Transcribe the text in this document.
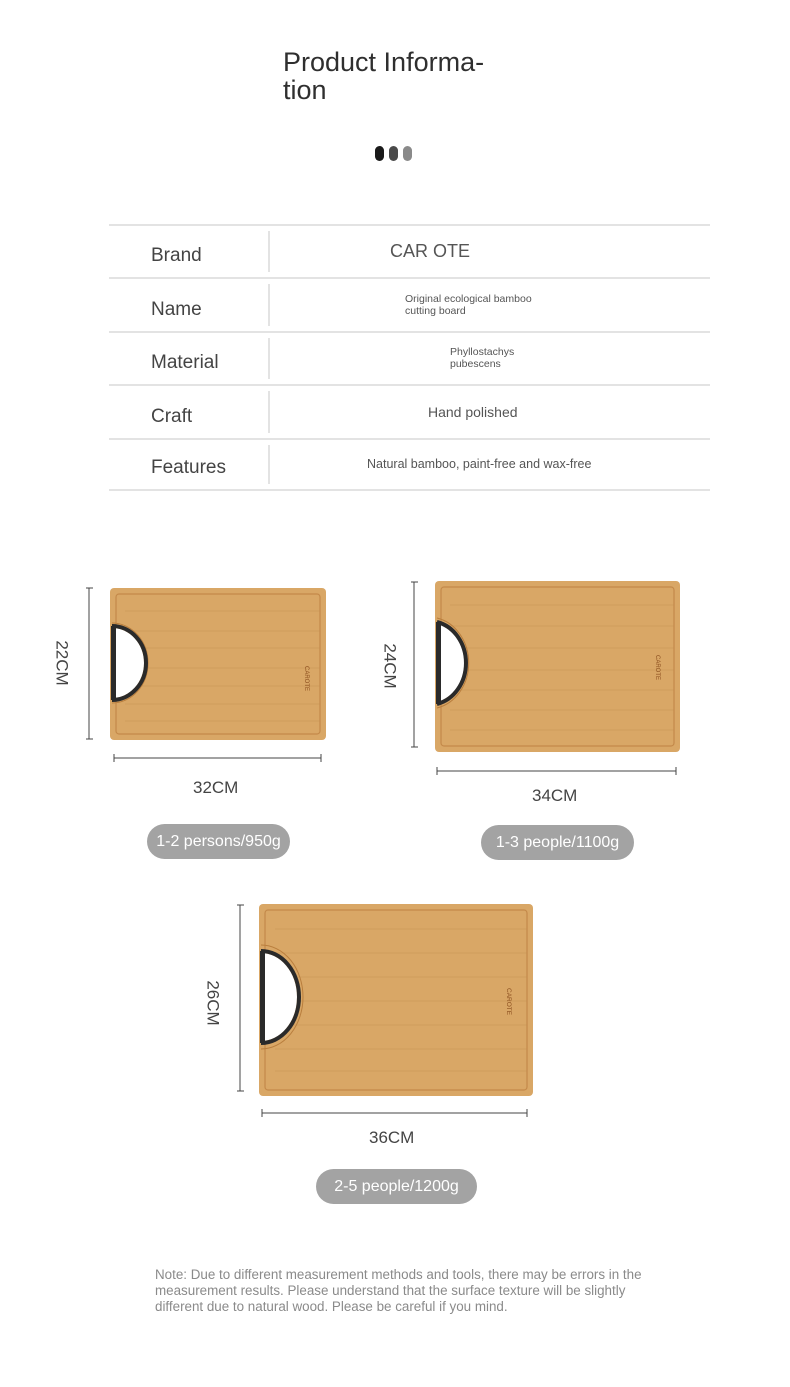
Product Informa- tion
Brand	CAR OTE
Name	Original ecological bamboo cutting board
Material	Phyllostachys pubescens
Craft	Hand polished
Features	Natural bamboo, paint-free and wax-free
CAROTE
22CM
32CM
1-2 persons/950g
CAROTE
24CM
34CM
1-3 people/1100g
CAROTE
26CM
36CM
2-5 people/1200g
Note: Due to different measurement methods and tools, there may be errors in the measurement results. Please understand that the surface texture will be slightly different due to natural wood. Please be careful if you mind.
